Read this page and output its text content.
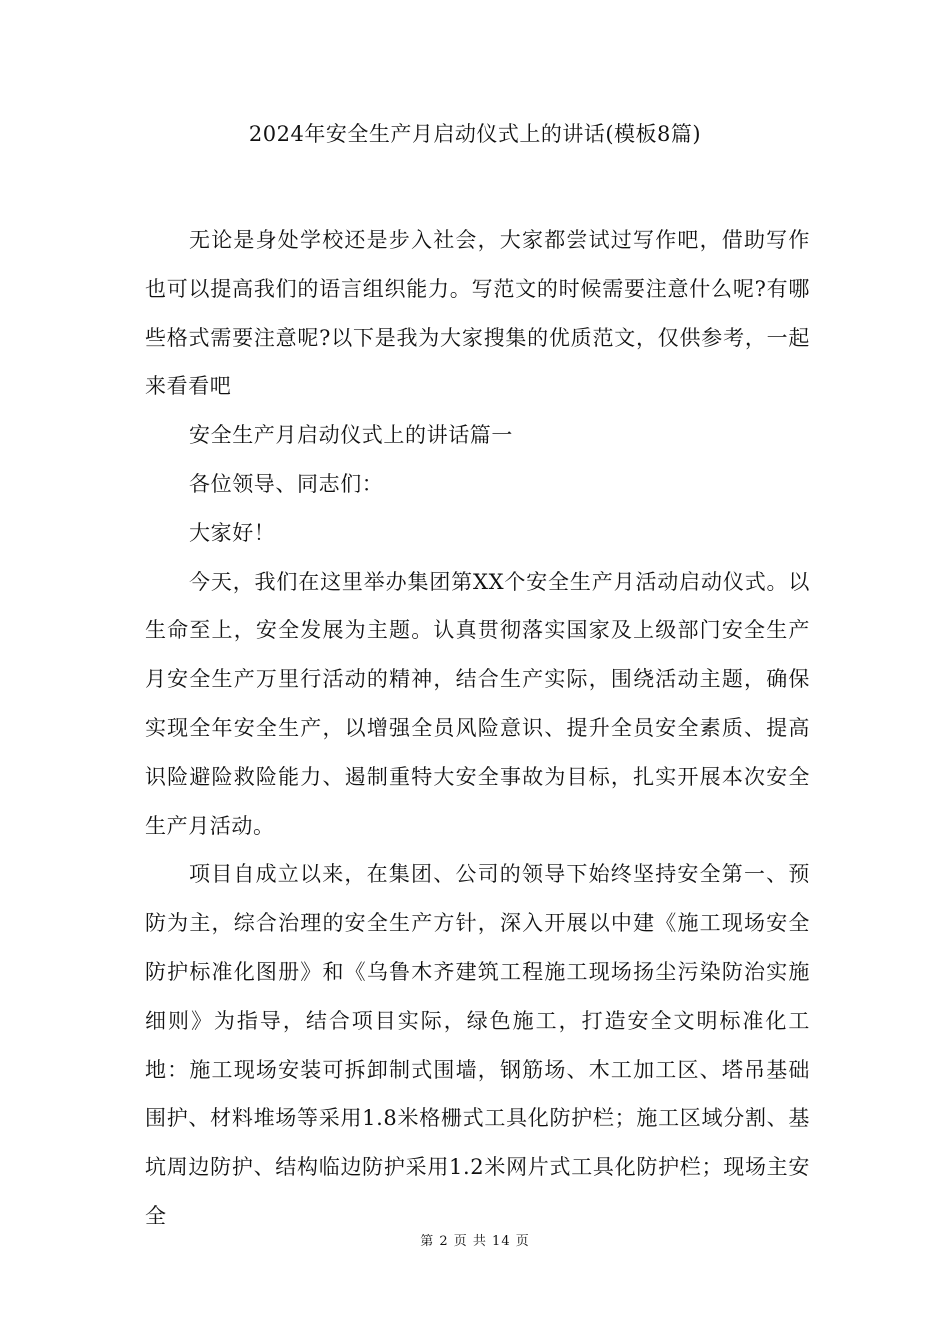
2024年安全生产月启动仪式上的讲话(模板8篇)

无论是身处学校还是步入社会，大家都尝试过写作吧，借助写作也可以提高我们的语言组织能力。写范文的时候需要注意什么呢?有哪些格式需要注意呢?以下是我为大家搜集的优质范文，仅供参考，一起来看看吧

安全生产月启动仪式上的讲话篇一

各位领导、同志们：

大家好！

今天，我们在这里举办集团第XX个安全生产月活动启动仪式。以生命至上，安全发展为主题。认真贯彻落实国家及上级部门安全生产月安全生产万里行活动的精神，结合生产实际，围绕活动主题，确保实现全年安全生产，以增强全员风险意识、提升全员安全素质、提高识险避险救险能力、遏制重特大安全事故为目标，扎实开展本次安全生产月活动。

项目自成立以来，在集团、公司的领导下始终坚持安全第一、预防为主，综合治理的安全生产方针，深入开展以中建《施工现场安全防护标准化图册》和《乌鲁木齐建筑工程施工现场扬尘污染防治实施细则》为指导，结合项目实际，绿色施工，打造安全文明标准化工地：施工现场安装可拆卸制式围墙，钢筋场、木工加工区、塔吊基础围护、材料堆场等采用1.8米格栅式工具化防护栏；施工区域分割、基坑周边防护、结构临边防护采用1.2米网片式工具化防护栏；现场主安全

第 2 页 共 14 页
